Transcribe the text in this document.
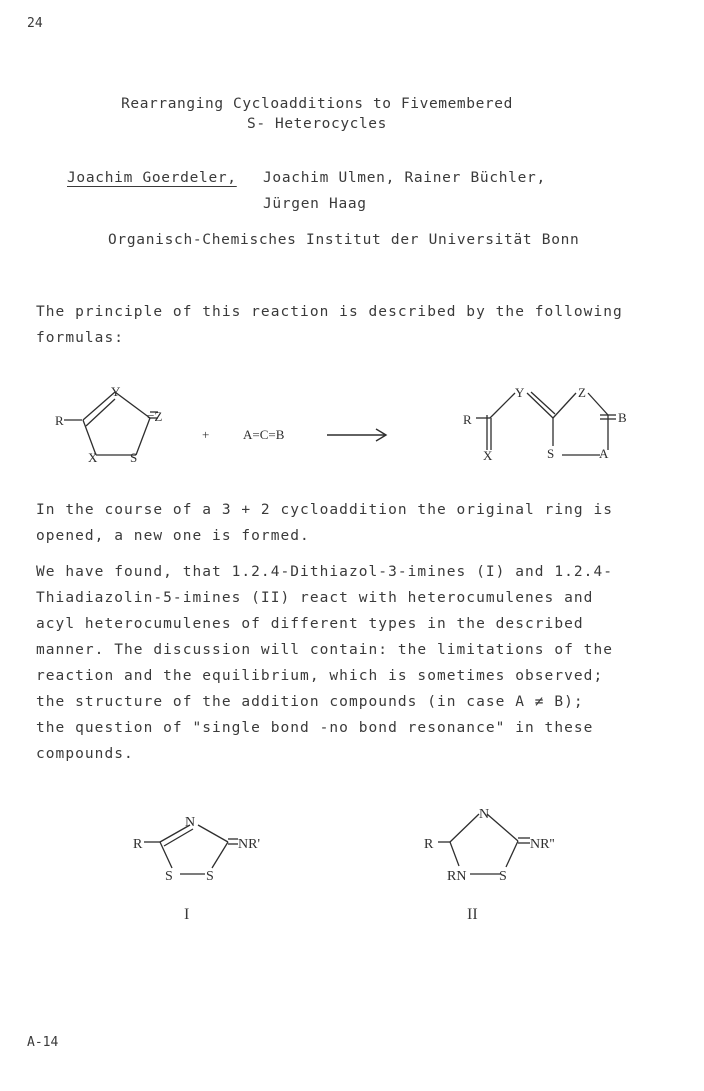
24
Rearranging Cycloadditions to Fivemembered
S- Heterocycles
Joachim Goerdeler, Joachim Ulmen, Rainer Büchler,
Jürgen Haag
Organisch-Chemisches Institut der Universität Bonn
The principle of this reaction is described by the following
formulas:
Y
R	=Z
X	S
+	A=C=B
R
Y	Z
B
X	S	A
In the course of a 3 + 2 cycloaddition the original ring is
opened, a new one is formed.
We have found, that 1.2.4-Dithiazol-3-imines (I) and 1.2.4-
Thiadiazolin-5-imines (II) react with heterocumulenes and
acyl heterocumulenes of different types in the described
manner. The discussion will contain: the limitations of the
reaction and the equilibrium, which is sometimes observed;
the structure of the addition compounds (in case A ≠ B);
the question of "single bond -no bond resonance" in these
compounds.
N
R	NR'
S S
N
R	NR''
RN S
I	II
A-14
